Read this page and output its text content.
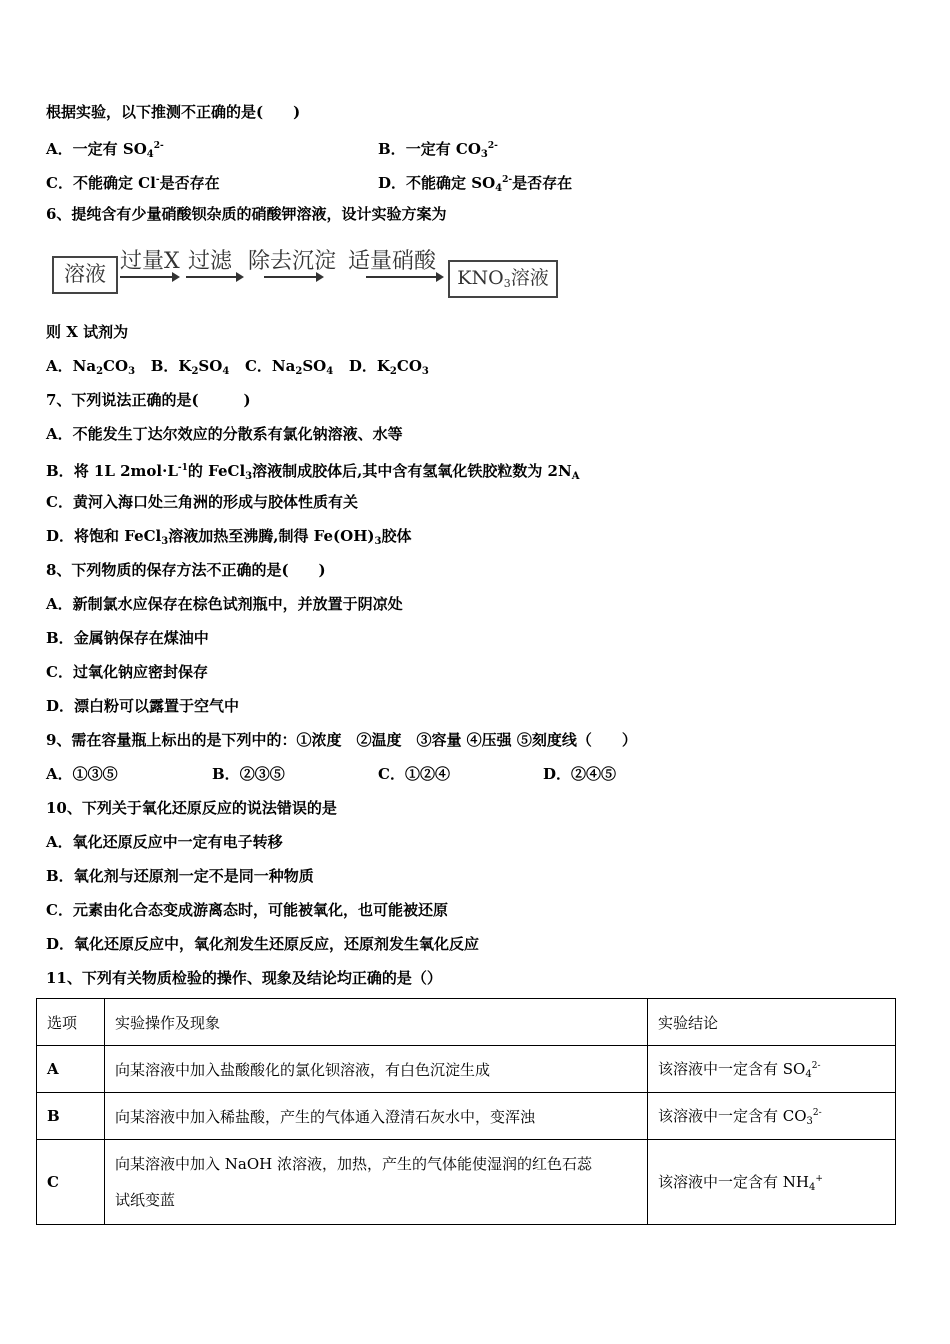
根据实验，以下推测不正确的是(　　)
A．一定有 $SO_4^{2-}$	B．一定有 $CO_3^{2-}$
C．不能确定 Cl-是否存在	D．不能确定 $SO_4^{2-}$是否存在
6、提纯含有少量硝酸钡杂质的硝酸钾溶液，设计实验方案为
溶液 过量X 过滤 除去沉淀 适量硝酸
$KNO_3$溶液
则 X 试剂为
A．$Na_2CO_3$ B．$K_2SO_4$ C．$Na_2SO_4$ D．$K_2CO_3$
7、下列说法正确的是(　　　)
A．不能发生丁达尔效应的分散系有氯化钠溶液、水等
B．将 1L $2mol\cdot L^{-1}$的 FeCl$_3$溶液制成胶体后,其中含有氢氧化铁胶粒数为 $2N_A$
C．黄河入海口处三角洲的形成与胶体性质有关
D．将饱和 FeCl$_3$溶液加热至沸腾,制得 $Fe(OH)_3$胶体
8、下列物质的保存方法不正确的是(　　)
A．新制氯水应保存在棕色试剂瓶中，并放置于阴凉处
B．金属钠保存在煤油中
C．过氧化钠应密封保存
D．漂白粉可以露置于空气中
9、需在容量瓶上标出的是下列中的：①浓度　②温度　③容量 ④压强 ⑤刻度线（　　）
A．①③⑤	B．②③⑤	C．①②④	D．②④⑤
10、下列关于氧化还原反应的说法错误的是
A．氧化还原反应中一定有电子转移
B．氧化剂与还原剂一定不是同一种物质
C．元素由化合态变成游离态时，可能被氧化，也可能被还原
D．氧化还原反应中，氧化剂发生还原反应，还原剂发生氧化反应
11、下列有关物质检验的操作、现象及结论均正确的是（）
选项	实验操作及现象	实验结论
A	向某溶液中加入盐酸酸化的氯化钡溶液，有白色沉淀生成	该溶液中一定含有 $SO_4^{2-}$
B	向某溶液中加入稀盐酸，产生的气体通入澄清石灰水中，变浑浊	该溶液中一定含有 $CO_3^{2-}$
C	向某溶液中加入 NaOH 浓溶液，加热，产生的气体能使湿润的红色石蕊
试纸变蓝	该溶液中一定含有 $NH_4^+$
